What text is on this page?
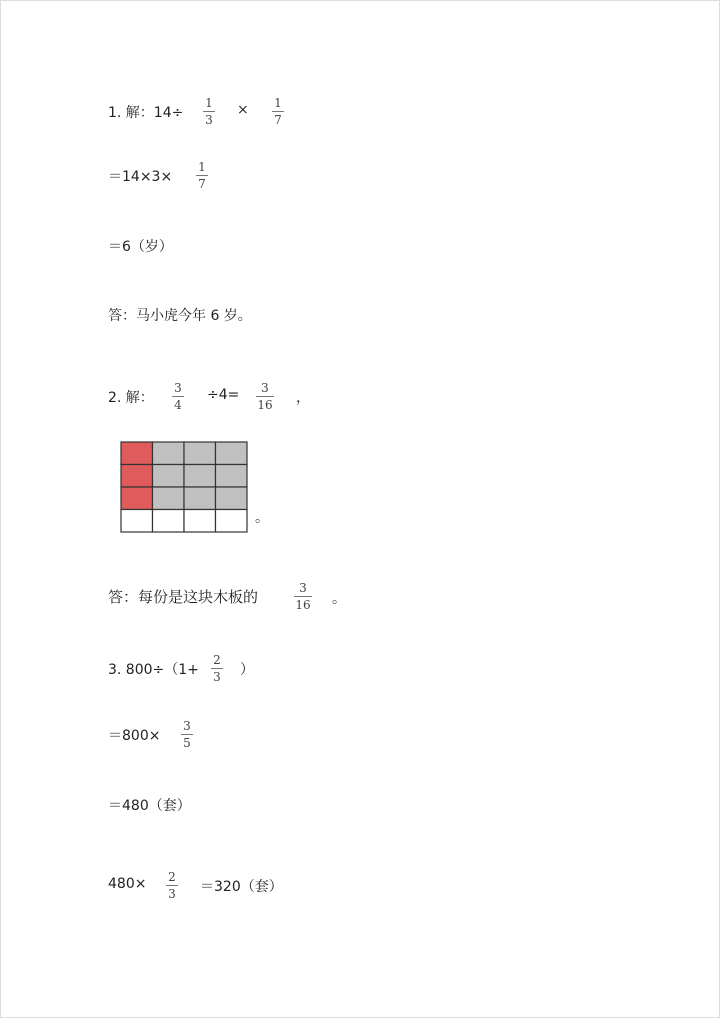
1. 解：14÷
1
3
× 1
7
＝14×3×
1
7
＝6（岁）
答：马小虎今年 6 岁。
2. 解：
3
4
÷4=	3
16 ，
。
答：每份是这块木板的	3
16 。
3. 800÷（1+
2
3 ）
＝800×
3
5
＝480（套）
480× 2
3 ＝320（套）
